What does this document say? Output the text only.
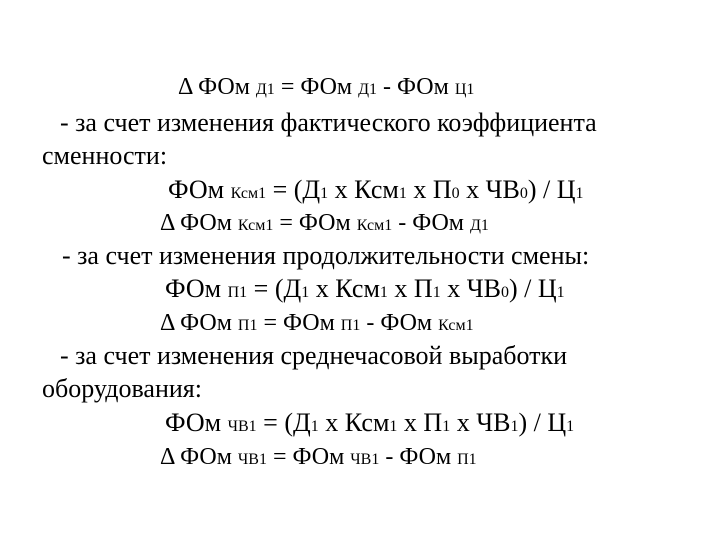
Δ ФОм Д1 = ФОм Д1 - ФОм Ц1
- за счет изменения фактического коэффициента
сменности:
ФОм Ксм1 = (Д1 х Ксм1 х П0 х ЧВ0) / Ц1
Δ ФОм Ксм1 = ФОм Ксм1 - ФОм Д1
- за счет изменения продолжительности смены:
ФОм П1 = (Д1 х Ксм1 х П1 х ЧВ0) / Ц1
Δ ФОм П1 = ФОм П1 - ФОм Ксм1
- за счет изменения среднечасовой выработки
оборудования:
ФОм ЧВ1 = (Д1 х Ксм1 х П1 х ЧВ1) / Ц1
Δ ФОм ЧВ1 = ФОм ЧВ1 - ФОм П1
